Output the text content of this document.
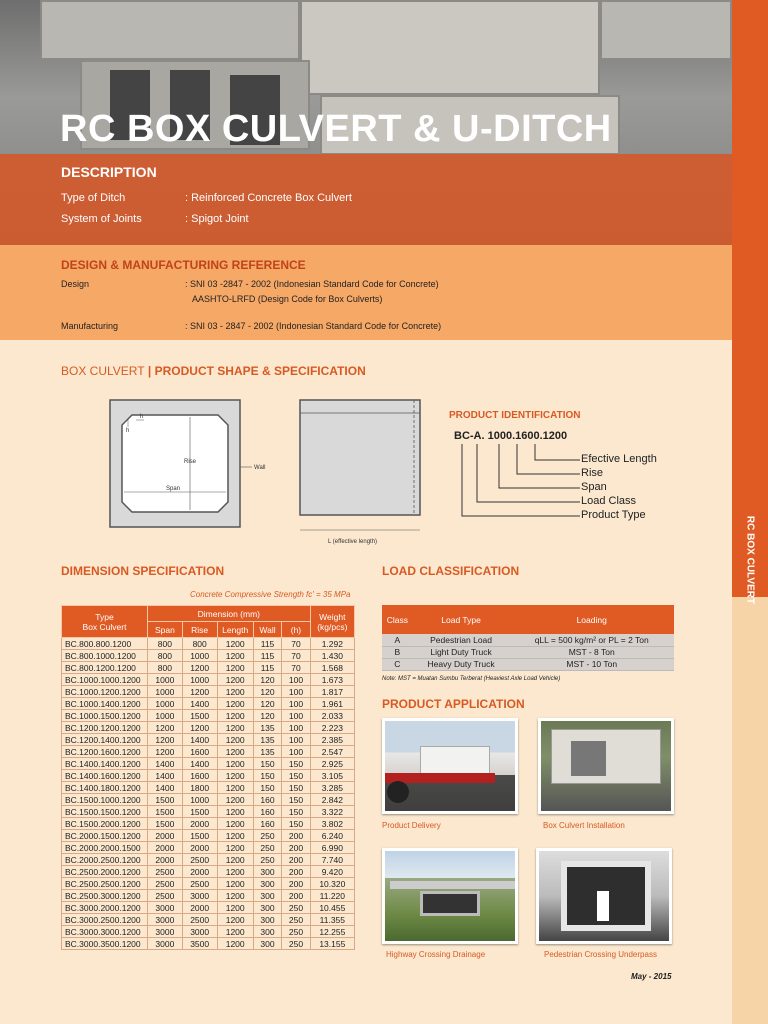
RC BOX CULVERT & U-DITCH
DESCRIPTION
Type of Ditch	: Reinforced Concrete Box Culvert
System of Joints	: Spigot Joint
DESIGN & MANUFACTURING REFERENCE
Design	: SNI 03 -2847 - 2002 (Indonesian Standard Code for Concrete)
AASHTO-LRFD (Design Code for Box Culverts)
Manufacturing	: SNI 03 - 2847 - 2002 (Indonesian Standard Code for Concrete)
RC BOX CULVERT
BOX CULVERT | PRODUCT SHAPE & SPECIFICATION
h
h
Rise
Span
Wall
L (effective length)
PRODUCT IDENTIFICATION
BC-A. 1000.1600.1200
Efective Length
Rise
Span
Load Class
Product Type
DIMENSION SPECIFICATION
Concrete Compressive Strength fc' = 35 MPa
Type
Box Culvert	Dimension (mm)					Weight
(kg/pcs)
	Span	Rise	Length	Wall	(h)	
BC.800.800.1200	800	800	1200	115	70	1.292
BC.800.1000.1200	800	1000	1200	115	70	1.430
BC.800.1200.1200	800	1200	1200	115	70	1.568
BC.1000.1000.1200	1000	1000	1200	120	100	1.673
BC.1000.1200.1200	1000	1200	1200	120	100	1.817
BC.1000.1400.1200	1000	1400	1200	120	100	1.961
BC.1000.1500.1200	1000	1500	1200	120	100	2.033
BC.1200.1200.1200	1200	1200	1200	135	100	2.223
BC.1200.1400.1200	1200	1400	1200	135	100	2.385
BC.1200.1600.1200	1200	1600	1200	135	100	2.547
BC.1400.1400.1200	1400	1400	1200	150	150	2.925
BC.1400.1600.1200	1400	1600	1200	150	150	3.105
BC.1400.1800.1200	1400	1800	1200	150	150	3.285
BC.1500.1000.1200	1500	1000	1200	160	150	2.842
BC.1500.1500.1200	1500	1500	1200	160	150	3.322
BC.1500.2000.1200	1500	2000	1200	160	150	3.802
BC.2000.1500.1200	2000	1500	1200	250	200	6.240
BC.2000.2000.1500	2000	2000	1200	250	200	6.990
BC.2000.2500.1200	2000	2500	1200	250	200	7.740
BC.2500.2000.1200	2500	2000	1200	300	200	9.420
BC.2500.2500.1200	2500	2500	1200	300	200	10.320
BC.2500.3000.1200	2500	3000	1200	300	200	11.220
BC.3000.2000.1200	3000	2000	1200	300	250	10.455
BC.3000.2500.1200	3000	2500	1200	300	250	11.355
BC.3000.3000.1200	3000	3000	1200	300	250	12.255
BC.3000.3500.1200	3000	3500	1200	300	250	13.155
LOAD CLASSIFICATION
Class	Load Type	Loading
A	Pedestrian Load	qLL = 500 kg/m² or PL = 2 Ton
B	Light Duty Truck	MST - 8 Ton
C	Heavy Duty Truck	MST - 10 Ton
Note: MST = Muatan Sumbu Terberat (Heaviest Axle Load Vehicle)
PRODUCT APPLICATION
Product Delivery	Box Culvert Installation
Highway Crossing Drainage	Pedestrian Crossing Underpass
May - 2015
